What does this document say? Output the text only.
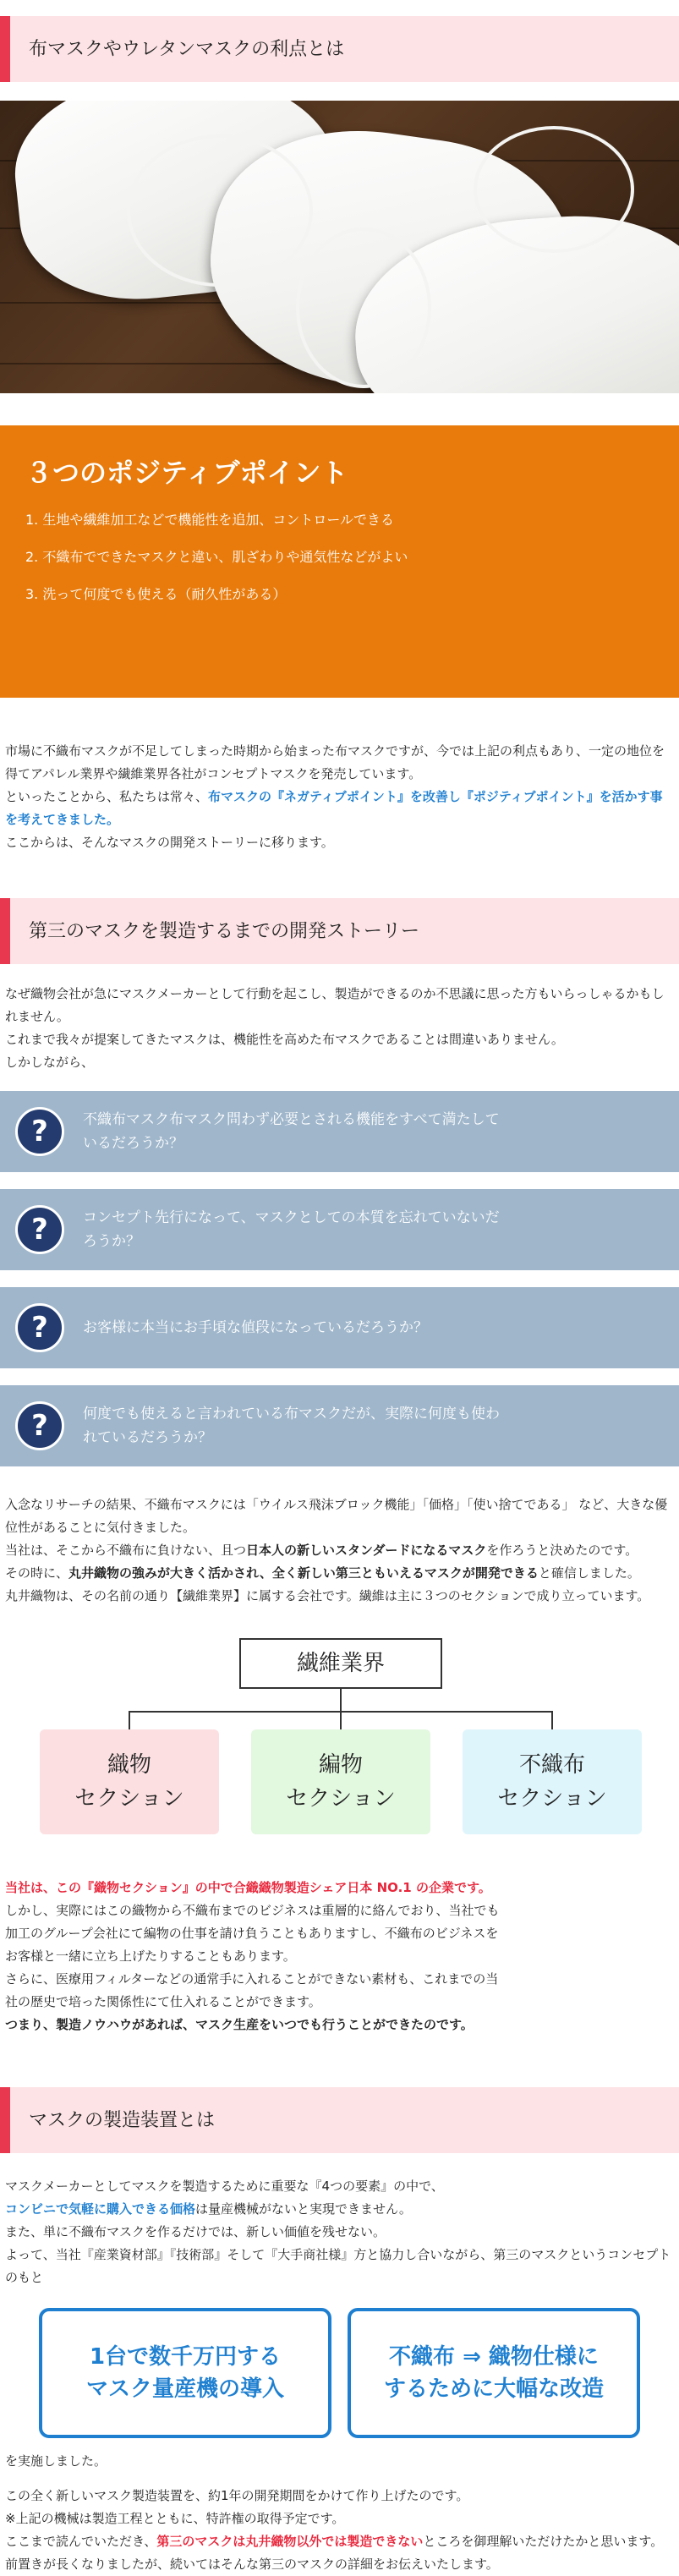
布マスクやウレタンマスクの利点とは
３つのポジティブポイント
1. 生地や繊維加工などで機能性を追加、コントロールできる
2. 不織布でできたマスクと違い、肌ざわりや通気性などがよい
3. 洗って何度でも使える（耐久性がある）

市場に不織布マスクが不足してしまった時期から始まった布マスクですが、今では上記の利点もあり、一定の地位を得てアパレル業界や繊維業界各社がコンセプトマスクを発売しています。

といったことから、私たちは常々、布マスクの『ネガティブポイント』を改善し『ポジティブポイント』を活かす事を考えてきました。

ここからは、そんなマスクの開発ストーリーに移ります。

第三のマスクを製造するまでの開発ストーリー

なぜ織物会社が急にマスクメーカーとして行動を起こし、製造ができるのか不思議に思った方もいらっしゃるかもしれません。

これまで我々が提案してきたマスクは、機能性を高めた布マスクであることは間違いありません。

しかしながら、

?	不織布マスク布マスク問わず必要とされる機能をすべて満たして
いるだろうか？
?	コンセプト先行になって、マスクとしての本質を忘れていないだ
ろうか？
?	お客様に本当にお手頃な値段になっているだろうか？
?	何度でも使えると言われている布マスクだが、実際に何度も使わ
れているだろうか？

入念なリサーチの結果、不織布マスクには「ウイルス飛沫ブロック機能」「価格」「使い捨てである」 など、大きな優位性があることに気付きました。

当社は、そこから不織布に負けない、且つ日本人の新しいスタンダードになるマスクを作ろうと決めたのです。

その時に、丸井織物の強みが大きく活かされ、全く新しい第三ともいえるマスクが開発できると確信しました。

丸井織物は、その名前の通り【繊維業界】に属する会社です。繊維は主に３つのセクションで成り立っています。

繊維業界
織物
セクション
編物
セクション
不織布
セクション

当社は、この『織物セクション』の中で合織織物製造シェア日本 NO.1 の企業です。

しかし、実際にはこの織物から不織布までのビジネスは重層的に絡んでおり、当社でも

加工のグループ会社にて編物の仕事を請け負うこともありますし、不織布のビジネスを

お客様と一緒に立ち上げたりすることもあります。

さらに、医療用フィルターなどの通常手に入れることができない素材も、これまでの当

社の歴史で培った関係性にて仕入れることができます。

つまり、製造ノウハウがあれば、マスク生産をいつでも行うことができたのです。

マスクの製造装置とは

マスクメーカーとしてマスクを製造するために重要な『4つの要素』の中で、

コンビニで気軽に購入できる価格は量産機械がないと実現できません。

また、単に不織布マスクを作るだけでは、新しい価値を残せない。

よって、当社『産業資材部』『技術部』そして『大手商社様』方と協力し合いながら、第三のマスクというコンセプトのもと

1台で数千万円する
マスク量産機の導入
不織布 ⇒ 織物仕様に
するために大幅な改造

を実施しました。

この全く新しいマスク製造装置を、約1年の開発期間をかけて作り上げたのです。

※上記の機械は製造工程とともに、特許権の取得予定です。

ここまで読んでいただき、第三のマスクは丸井織物以外では製造できないところを御理解いただけたかと思います。

前置きが長くなりましたが、続いてはそんな第三のマスクの詳細をお伝えいたします。
